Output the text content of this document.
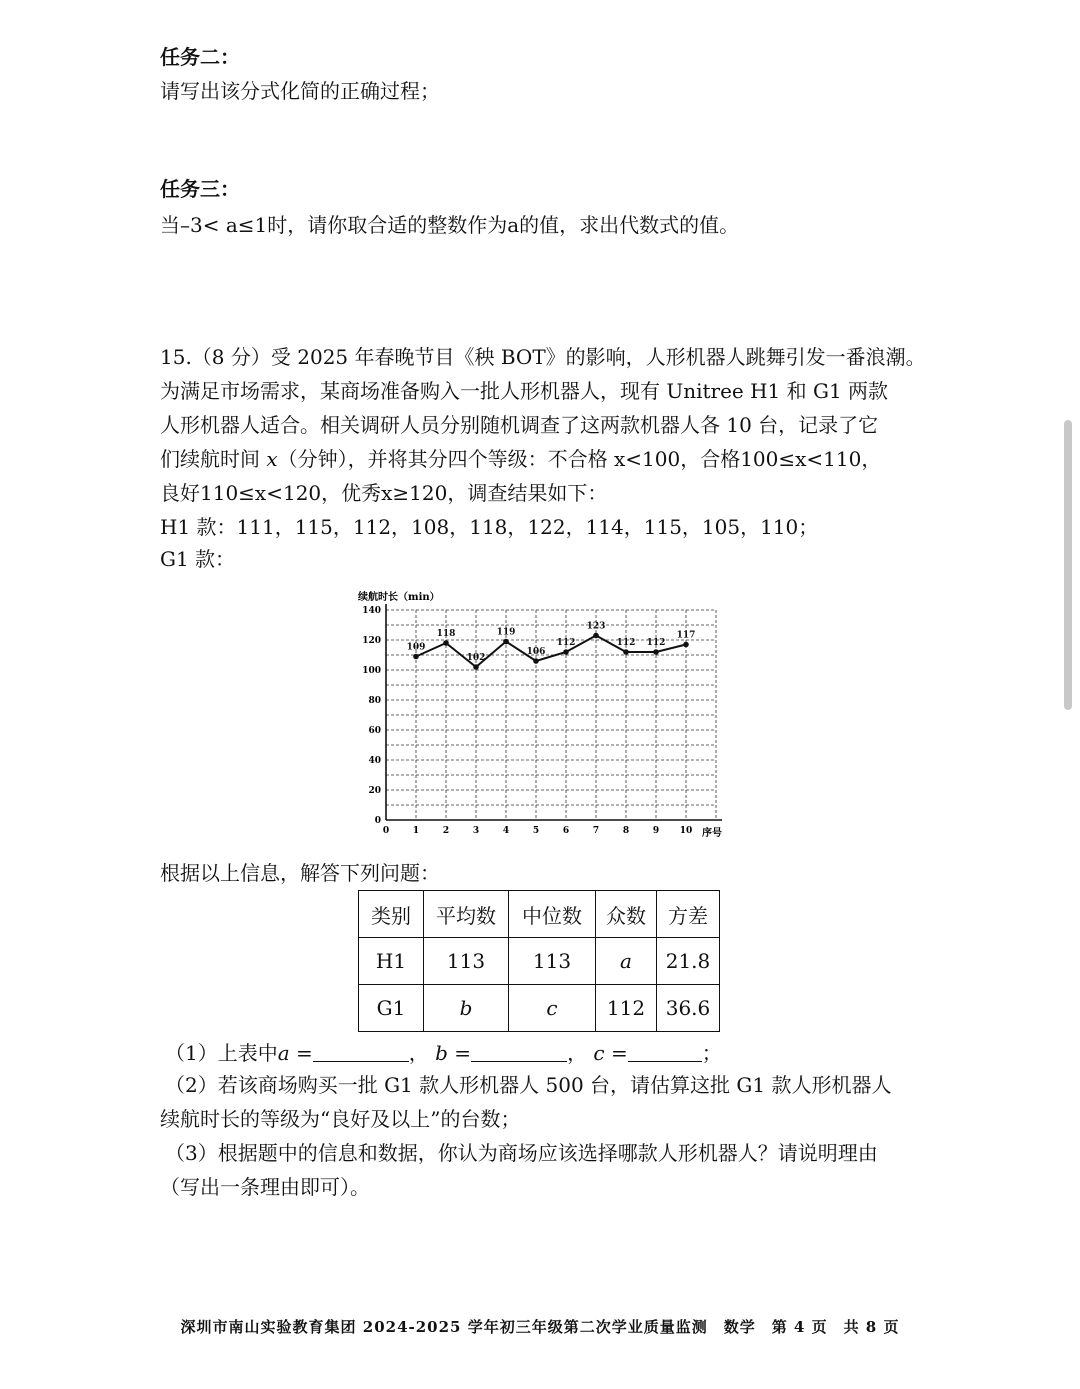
任务二：
请写出该分式化简的正确过程；
任务三：
当–3< a≤1时，请你取合适的整数作为a的值，求出代数式的值。
15.（8 分）受 2025 年春晚节目《秧 BOT》的影响，人形机器人跳舞引发一番浪潮。
为满足市场需求，某商场准备购入一批人形机器人，现有 Unitree H1 和 G1 两款
人形机器人适合。相关调研人员分别随机调查了这两款机器人各 10 台，记录了它
们续航时间 x（分钟），并将其分四个等级：不合格 x<100，合格100≤x<110，
良好110≤x<120，优秀x≥120，调查结果如下：
H1 款：111，115，112，108，118，122，114，115，105，110；
G1 款：
0
20
40
60
80
100
120
140
0	1	2	3	4	5	6	7	8	9 10
109
118
102
119
106
112
123
112 112
117
续航时长（min）
序号
根据以上信息，解答下列问题：
类别	平均数	中位数	众数	方差
H1	113	113	a	21.8
G1	b	c	112	36.6
（1）上表中a =	， b =	， c =	；
（2）若该商场购买一批 G1 款人形机器人 500 台，请估算这批 G1 款人形机器人
续航时长的等级为“良好及以上”的台数；
（3）根据题中的信息和数据，你认为商场应该选择哪款人形机器人？请说明理由
（写出一条理由即可）。
深圳市南山实验教育集团 2024-2025 学年初三年级第二次学业质量监测　数学　第 4 页　共 8 页
